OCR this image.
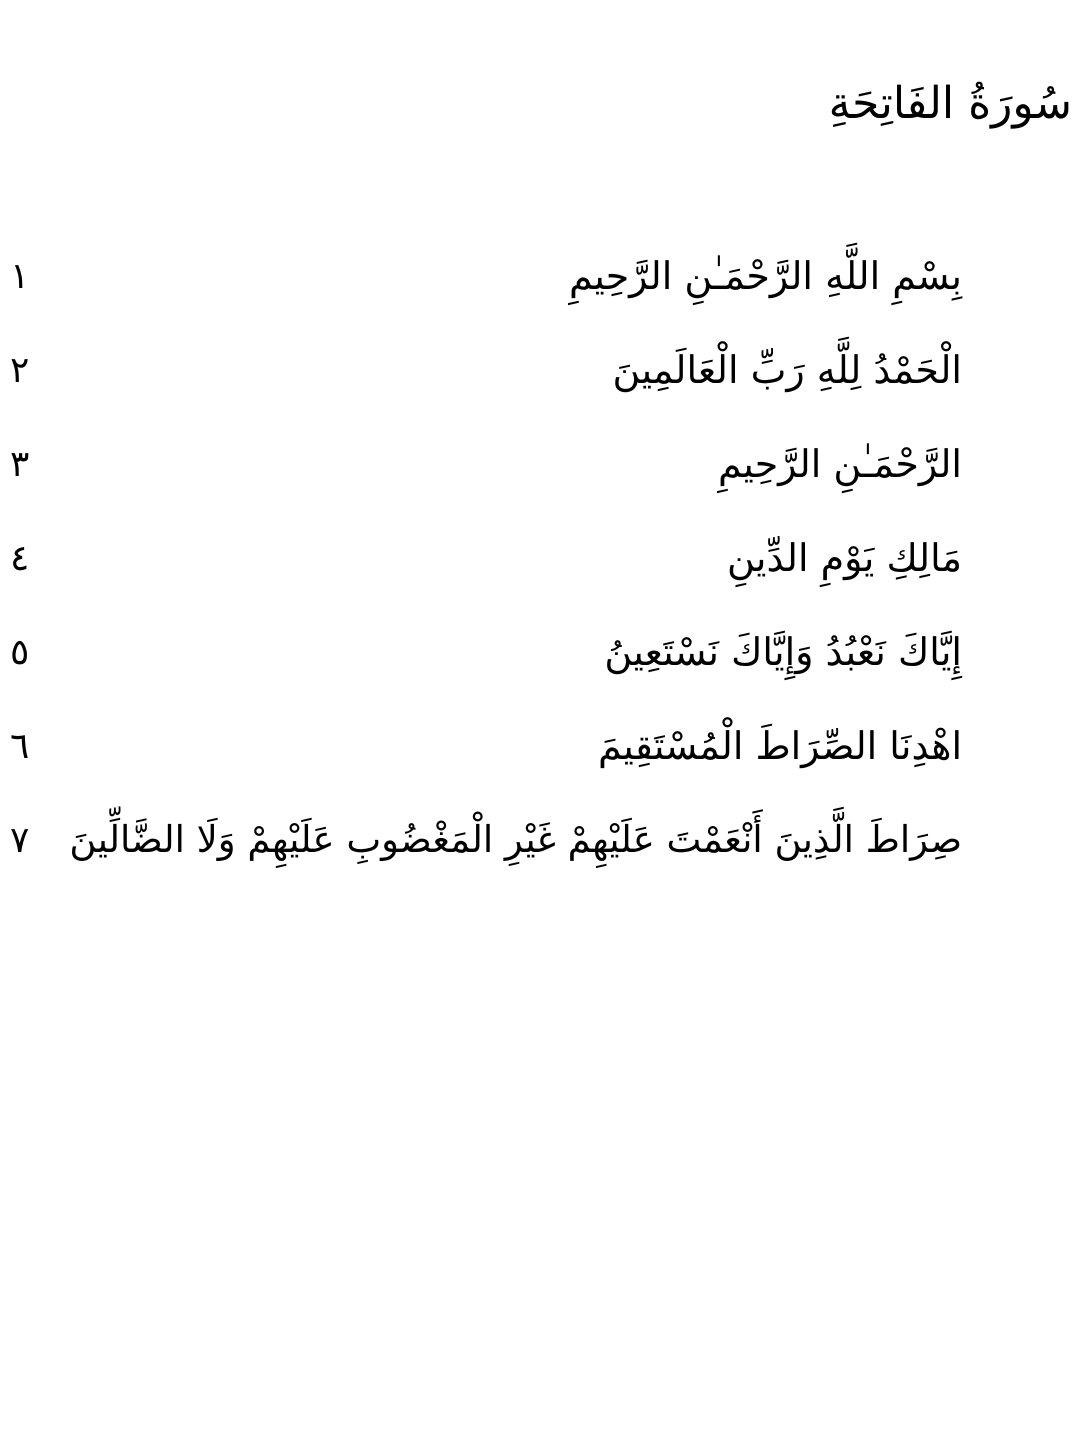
سُورَةُ الفَاتِحَةِ
بِسْمِ اللَّهِ الرَّحْمَـٰنِ الرَّحِيمِ
١
الْحَمْدُ لِلَّهِ رَبِّ الْعَالَمِينَ
٢
الرَّحْمَـٰنِ الرَّحِيمِ
٣
مَالِكِ يَوْمِ الدِّينِ
٤
إِيَّاكَ نَعْبُدُ وَإِيَّاكَ نَسْتَعِينُ
٥
اهْدِنَا الصِّرَاطَ الْمُسْتَقِيمَ
٦
صِرَاطَ الَّذِينَ أَنْعَمْتَ عَلَيْهِمْ غَيْرِ الْمَغْضُوبِ عَلَيْهِمْ وَلَا الضَّالِّينَ
٧
